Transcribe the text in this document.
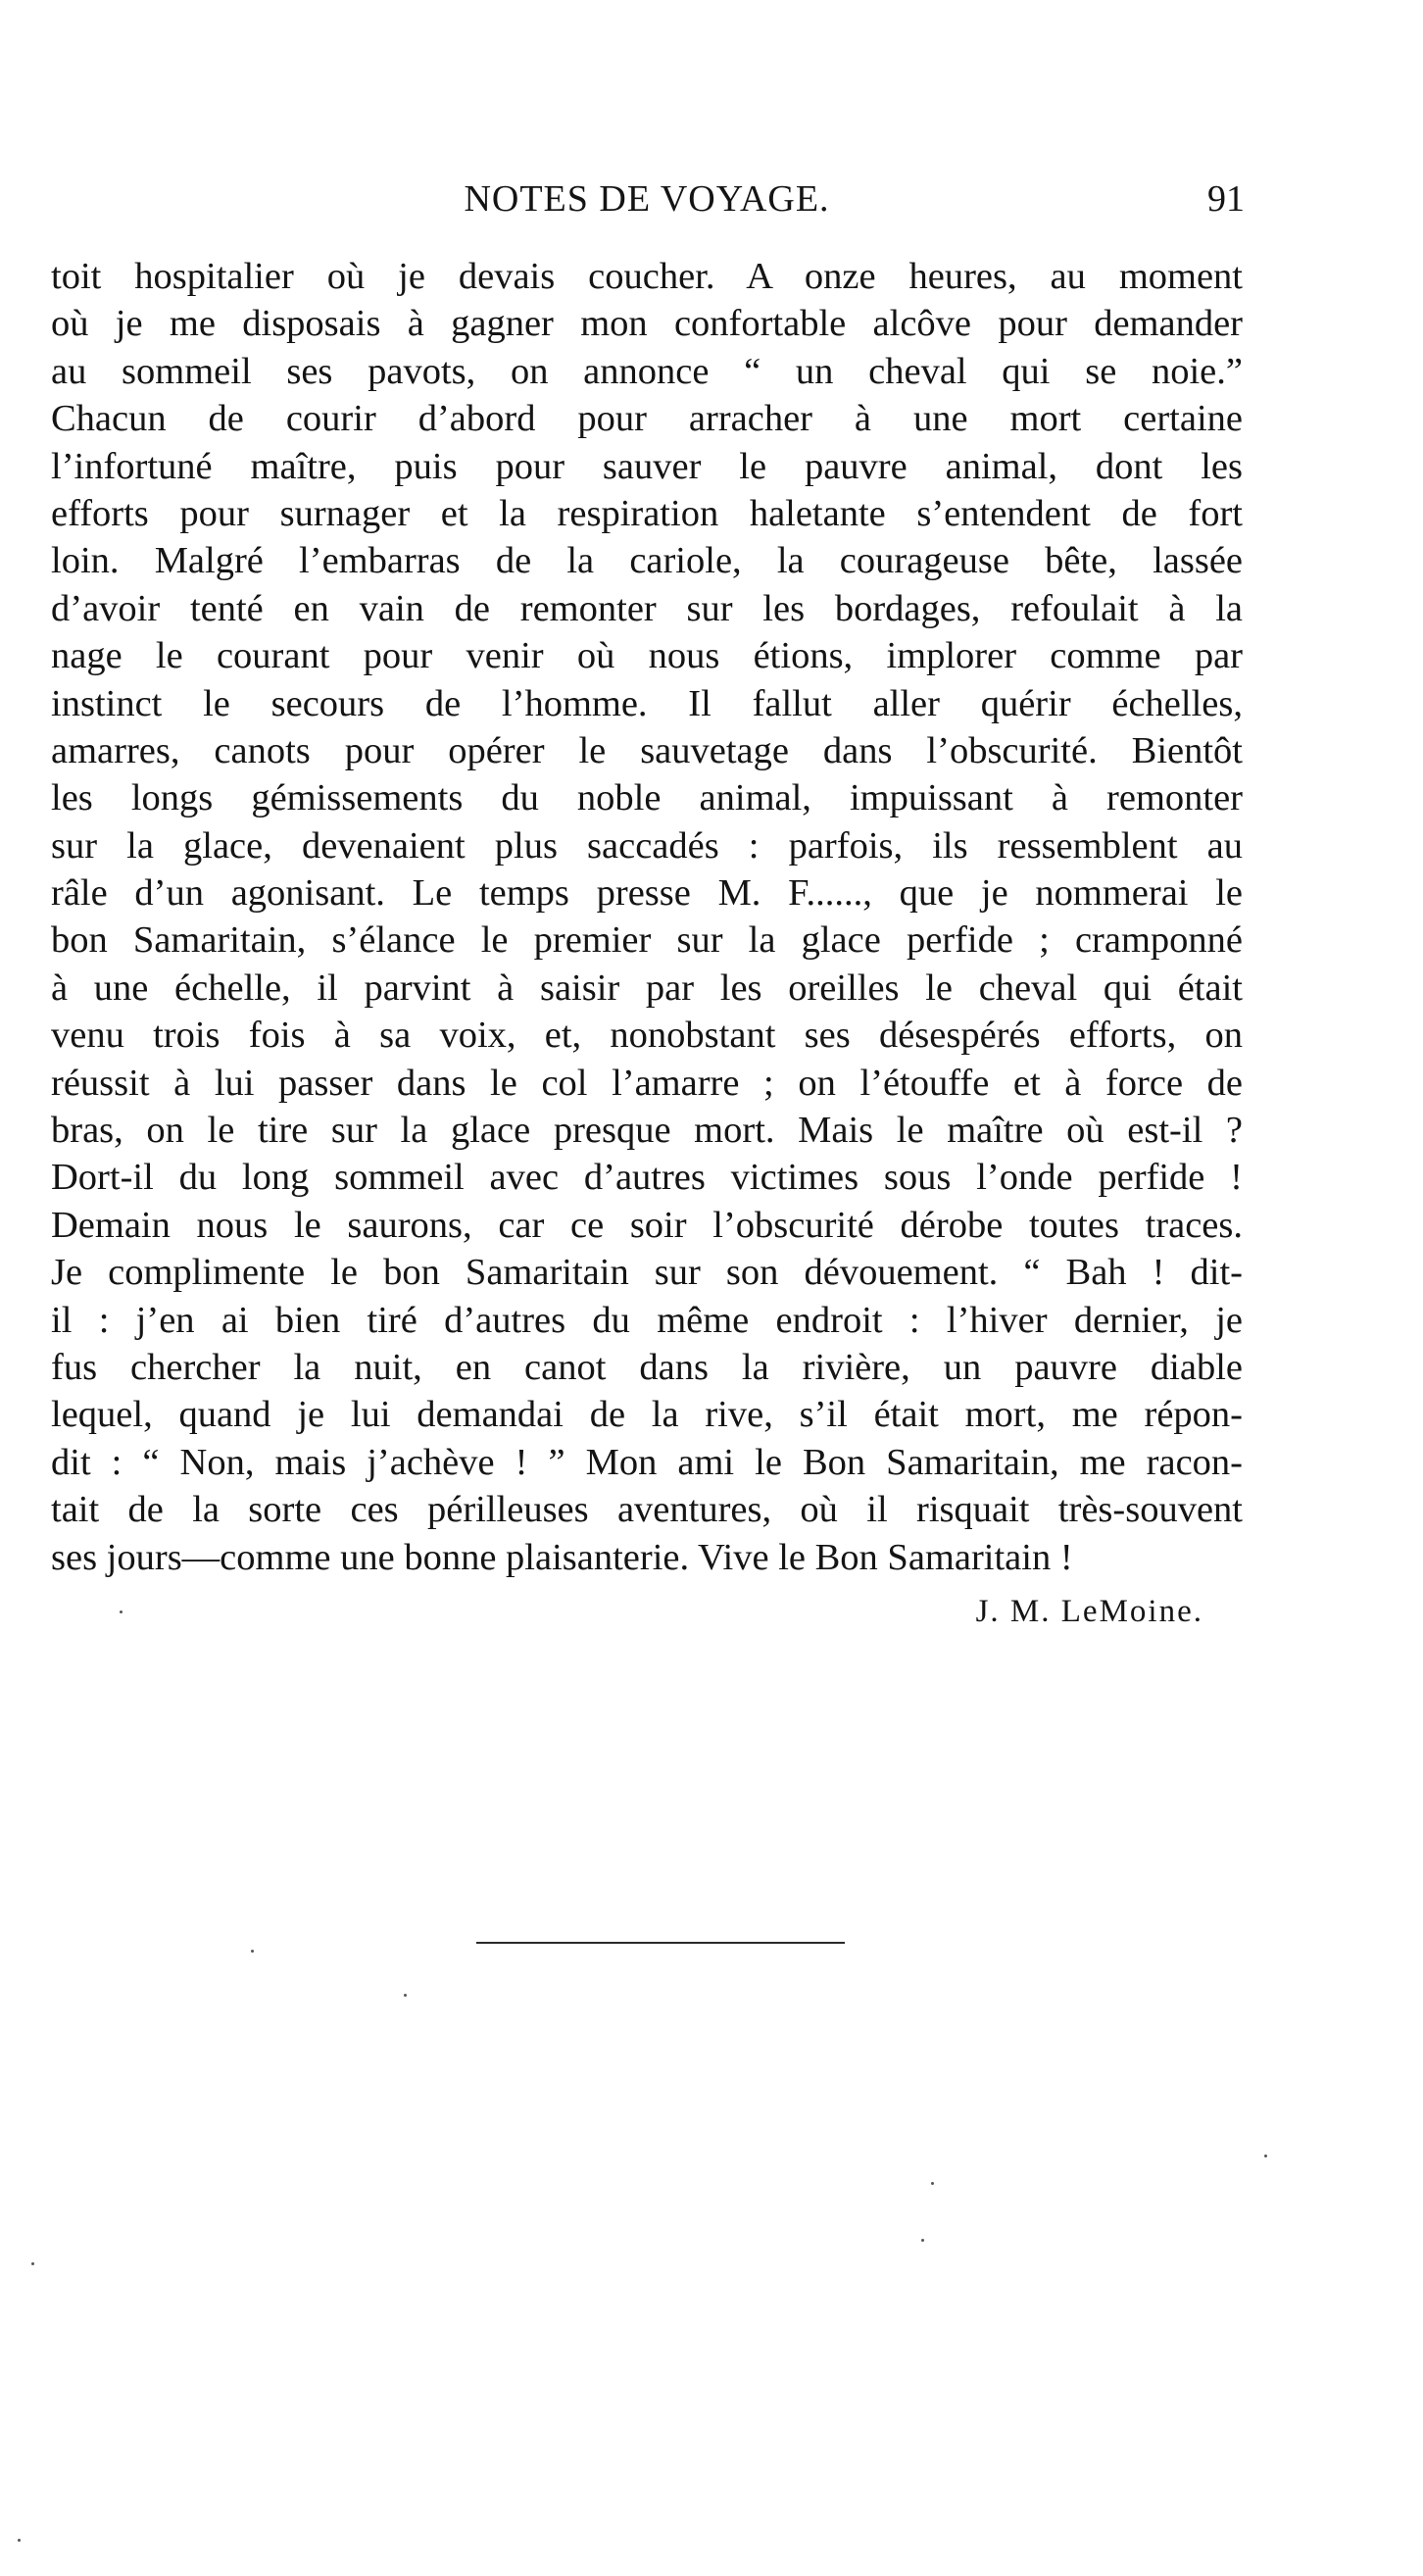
NOTES DE VOYAGE.	91
toit hospitalier où je devais coucher. A onze heures, au moment
où je me disposais à gagner mon confortable alcôve pour demander
au sommeil ses pavots, on annonce “ un cheval qui se noie.”
Chacun de courir d’abord pour arracher à une mort certaine
l’infortuné maître, puis pour sauver le pauvre animal, dont les
efforts pour surnager et la respiration haletante s’entendent de fort
loin. Malgré l’embarras de la cariole, la courageuse bête, lassée
d’avoir tenté en vain de remonter sur les bordages, refoulait à la
nage le courant pour venir où nous étions, implorer comme par
instinct le secours de l’homme. Il fallut aller quérir échelles,
amarres, canots pour opérer le sauvetage dans l’obscurité. Bientôt
les longs gémissements du noble animal, impuissant à remonter
sur la glace, devenaient plus saccadés : parfois, ils ressemblent au
râle d’un agonisant. Le temps presse M. F......, que je nommerai le
bon Samaritain, s’élance le premier sur la glace perfide ; cramponné
à une échelle, il parvint à saisir par les oreilles le cheval qui était
venu trois fois à sa voix, et, nonobstant ses désespérés efforts, on
réussit à lui passer dans le col l’amarre ; on l’étouffe et à force de
bras, on le tire sur la glace presque mort. Mais le maître où est-il ?
Dort-il du long sommeil avec d’autres victimes sous l’onde perfide !
Demain nous le saurons, car ce soir l’obscurité dérobe toutes traces.
Je complimente le bon Samaritain sur son dévouement. “ Bah ! dit-
il : j’en ai bien tiré d’autres du même endroit : l’hiver dernier, je
fus chercher la nuit, en canot dans la rivière, un pauvre diable
lequel, quand je lui demandai de la rive, s’il était mort, me répon-
dit : “ Non, mais j’achève ! ” Mon ami le Bon Samaritain, me racon-
tait de la sorte ces périlleuses aventures, où il risquait très-souvent
ses jours—comme une bonne plaisanterie. Vive le Bon Samaritain !
J. M. LeMoine.
